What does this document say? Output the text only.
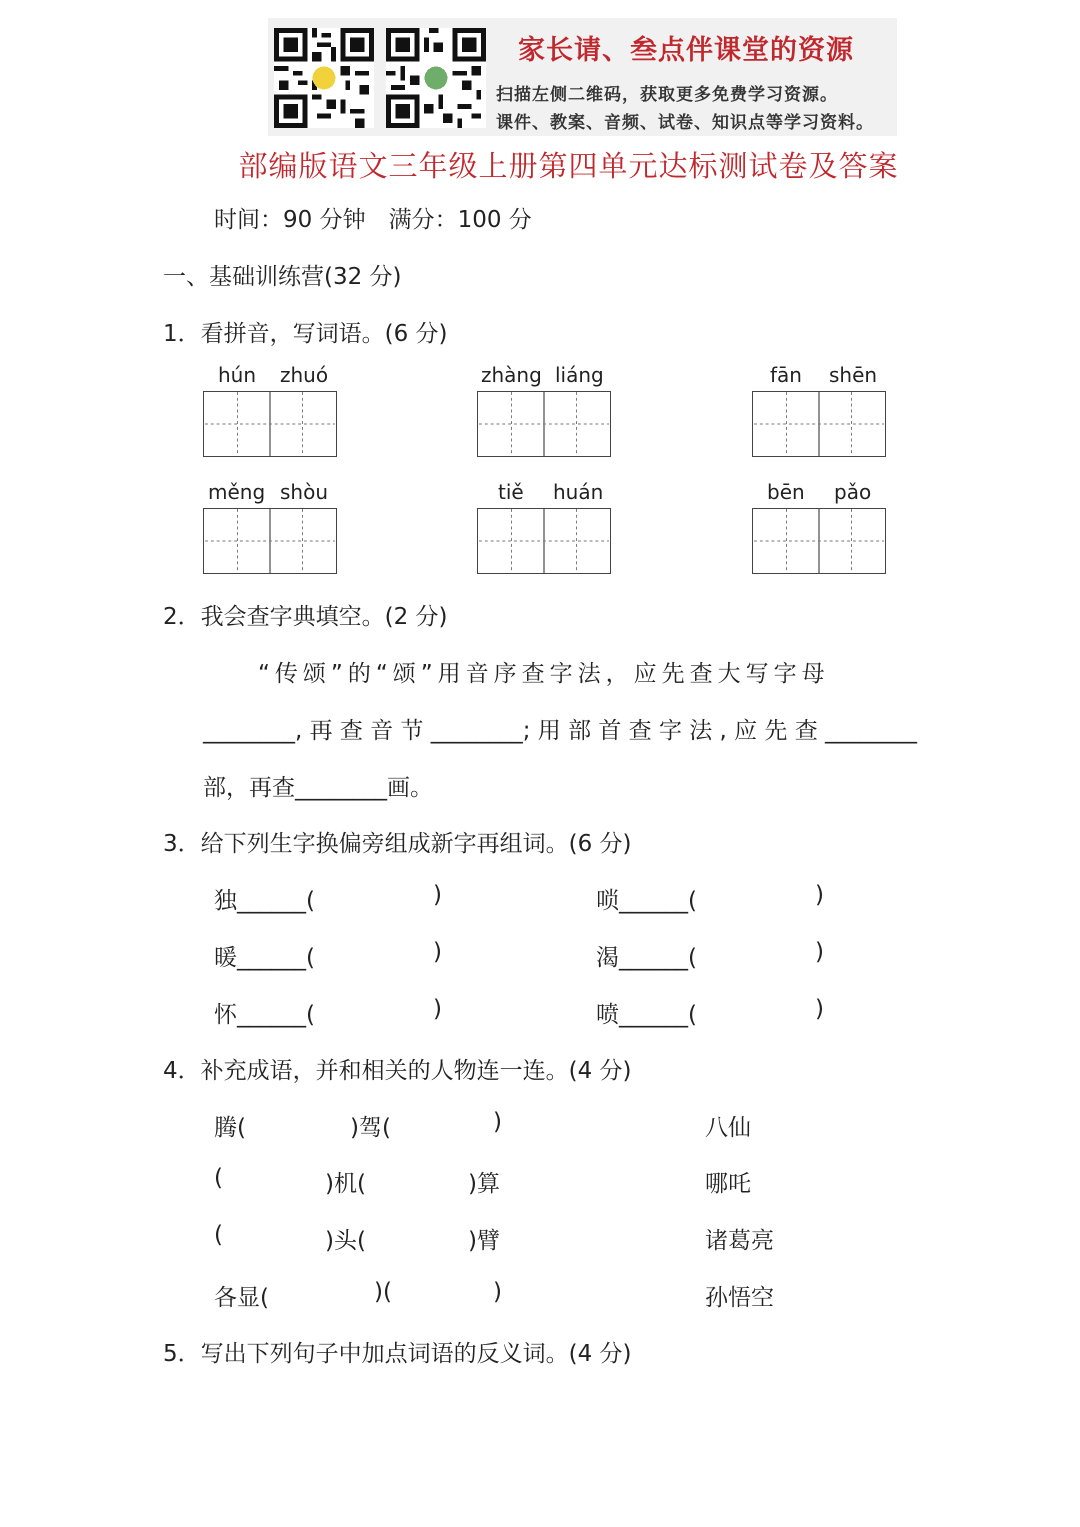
家长请、叁点伴课堂的资源
扫描左侧二维码，获取更多免费学习资源。
课件、教案、音频、试卷、知识点等学习资料。
部编版语文三年级上册第四单元达标测试卷及答案
时间：90 分钟　满分：100 分
一、基础训练营(32 分)
1．看拼音，写词语。(6 分)
hún zhuó	zhàng liáng	fān shēn
měng shòu	tiě huán	bēn pǎo
2．我会查字典填空。(2 分)
“传颂”的“颂”用音序查字法，应先查大写字母
________,再查音节________;用部首查字法,应先查________
部，再查________画。
3．给下列生字换偏旁组成新字再组词。(6 分)
独______(	)	唢______(	)
暖______(	)	渴______(	)
怀______(	)	喷______(	)
4．补充成语，并和相关的人物连一连。(4 分)
腾(	)驾(	)	八仙
(	)机(	)算	哪吒
(	)头(	)臂	诸葛亮
各显(	)(	)	孙悟空
5．写出下列句子中加点词语的反义词。(4 分)
